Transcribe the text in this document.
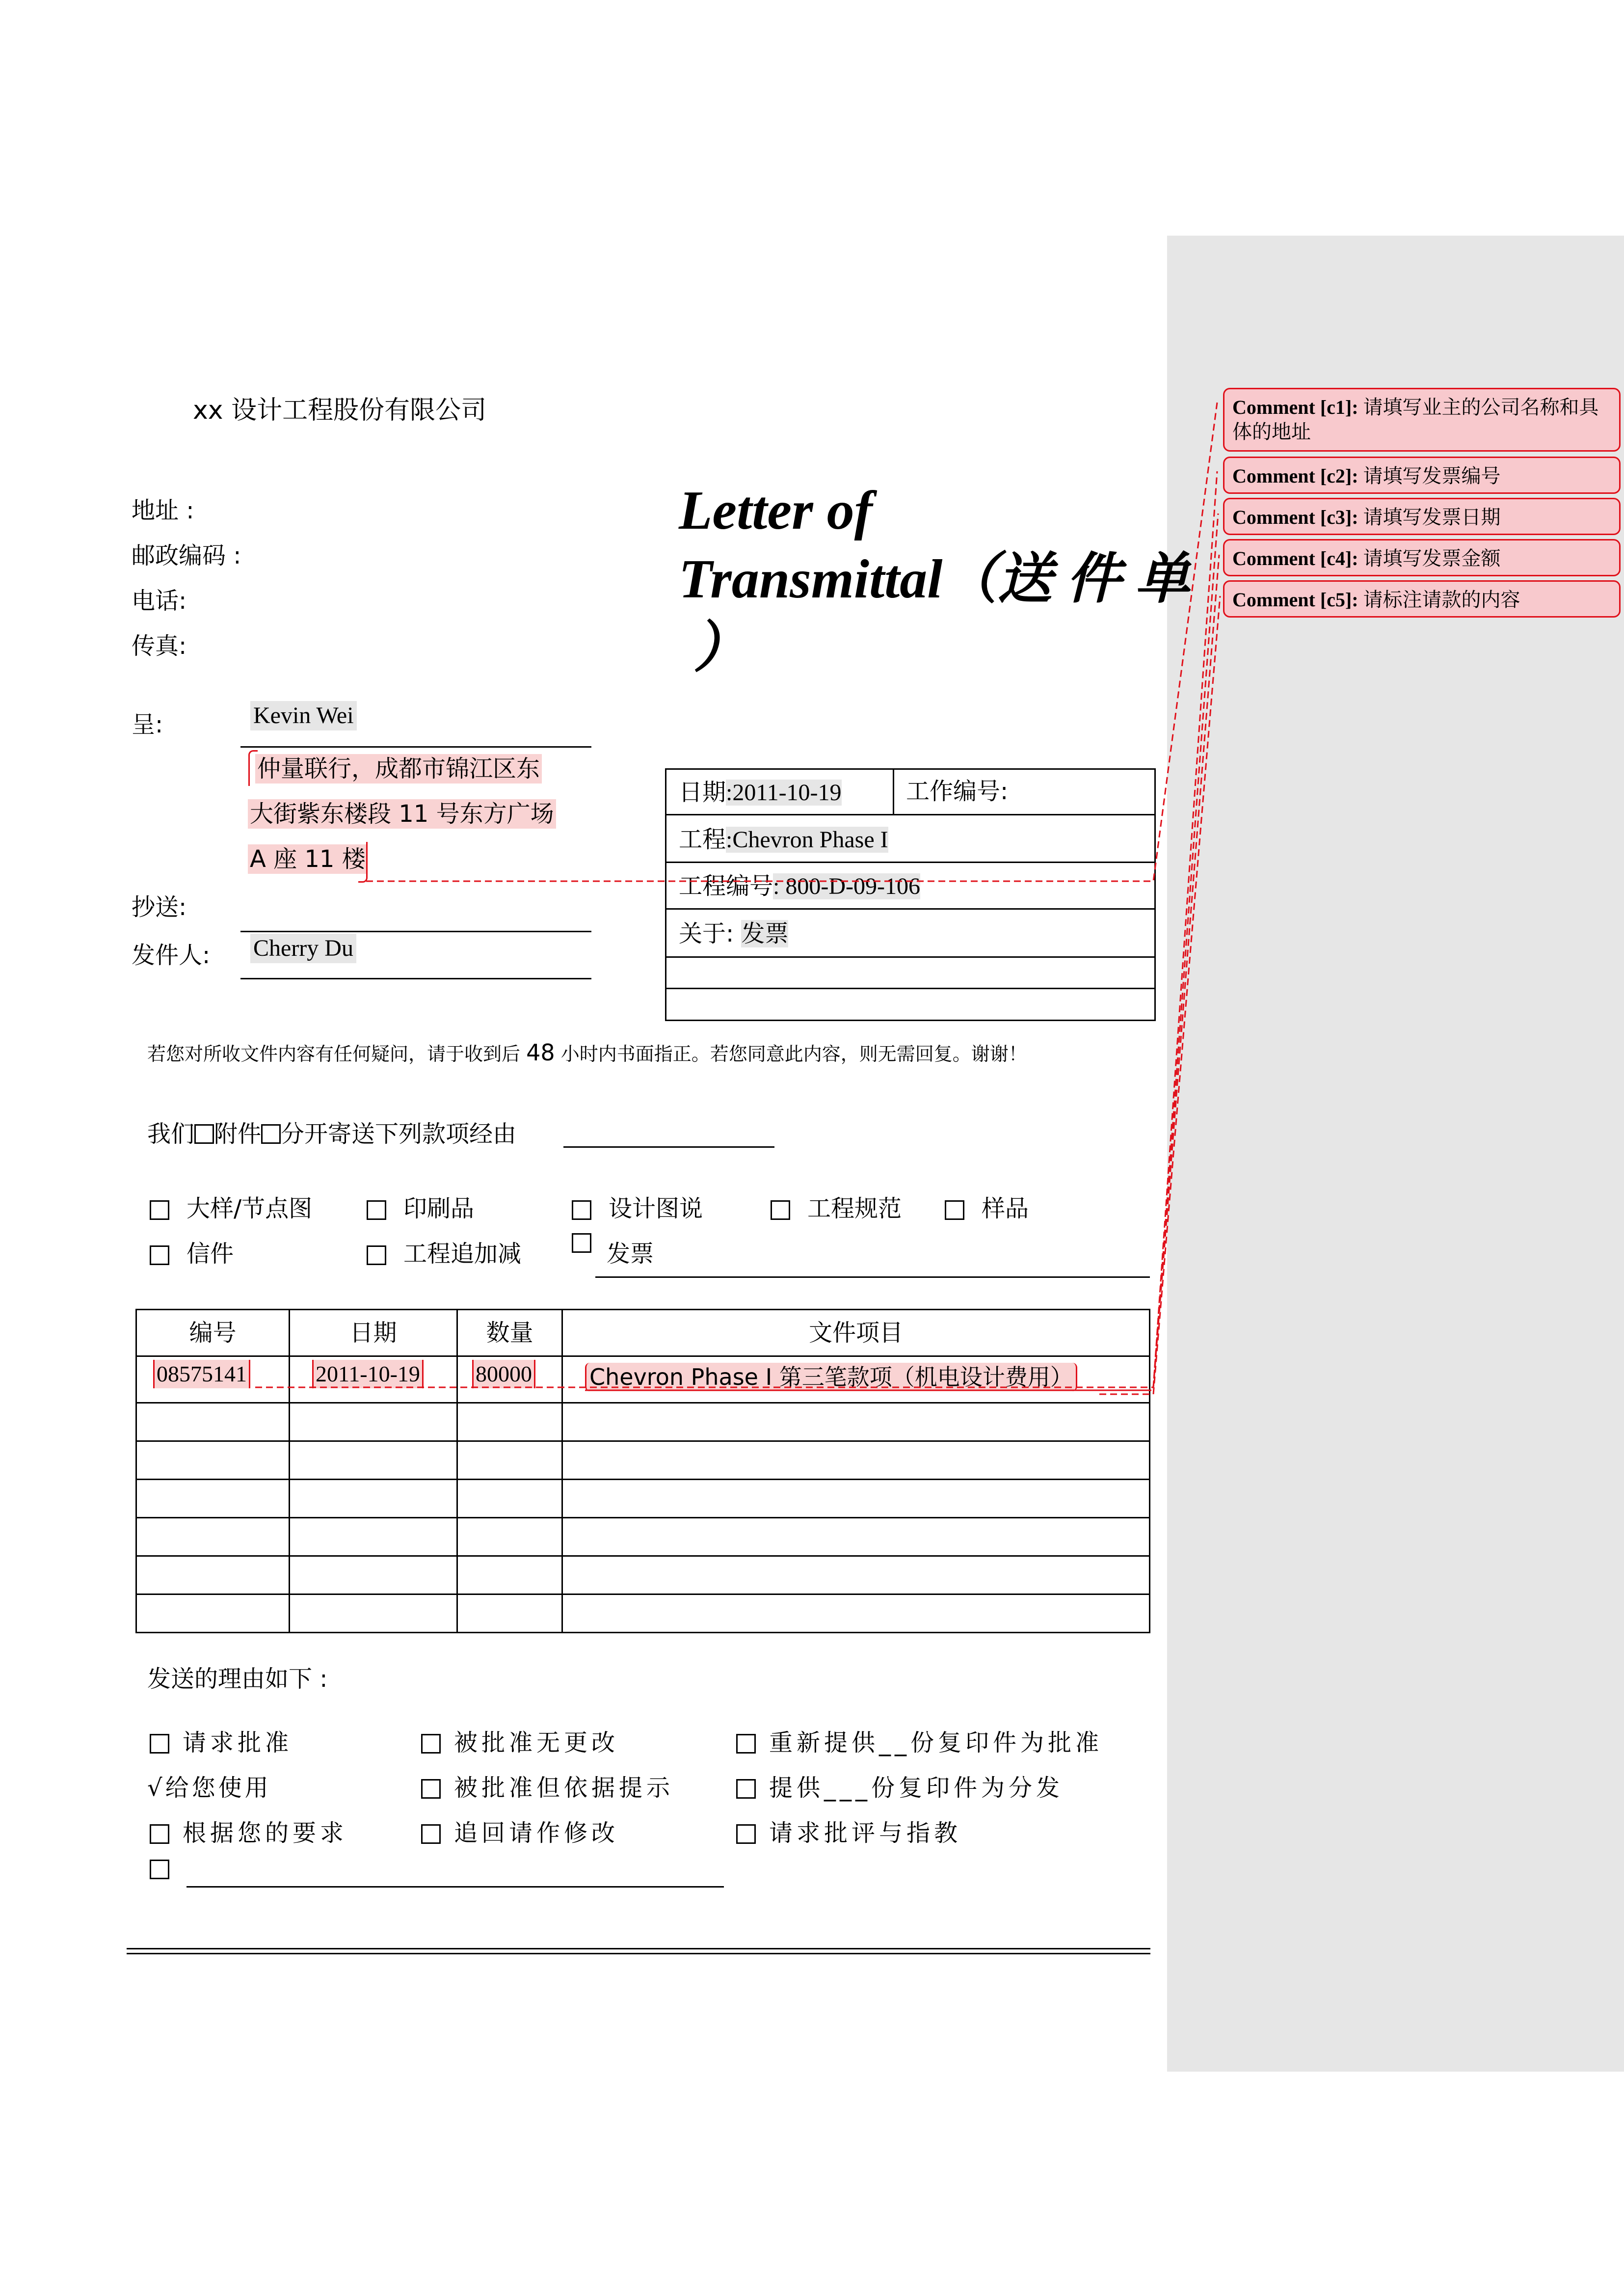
xx 设计工程股份有限公司
地址 :
邮政编码 :
电话:
传真:
Letter of
Transmittal（送 件 单
）
呈:	Kevin Wei
仲量联行，成都市锦江区东
大街紫东楼段 11 号东方广场
A 座 11 楼
抄送:
发件人: Cherry Du
日期:2011-10-19	工作编号:
工程:Chevron Phase I
工程编号: 800-D-09-106
关于: 发票
若您对所收文件内容有任何疑问，请于收到后 48 小时内书面指正。若您同意此内容，则无需回复。谢谢！
我们 附件 分开寄送下列款项经由
大样/节点图	印刷品	设计图说	工程规范	样品
信件	工程追加减	发票
编号	日期	数量	文件项目

08575141	2011-10-19 80000	Chevron Phase I 第三笔款项（机电设计费用）
发送的理由如下 :
请求批准	被批准无更改	重新提供__份复印件为批准
√给您使用	被批准但依据提示	提供___份复印件为分发
根据您的要求	追回请作修改	请求批评与指教
Comment [c1]: 请填写业主的公司名称和具体的地址
Comment [c2]: 请填写发票编号
Comment [c3]: 请填写发票日期
Comment [c4]: 请填写发票金额
Comment [c5]: 请标注请款的内容
